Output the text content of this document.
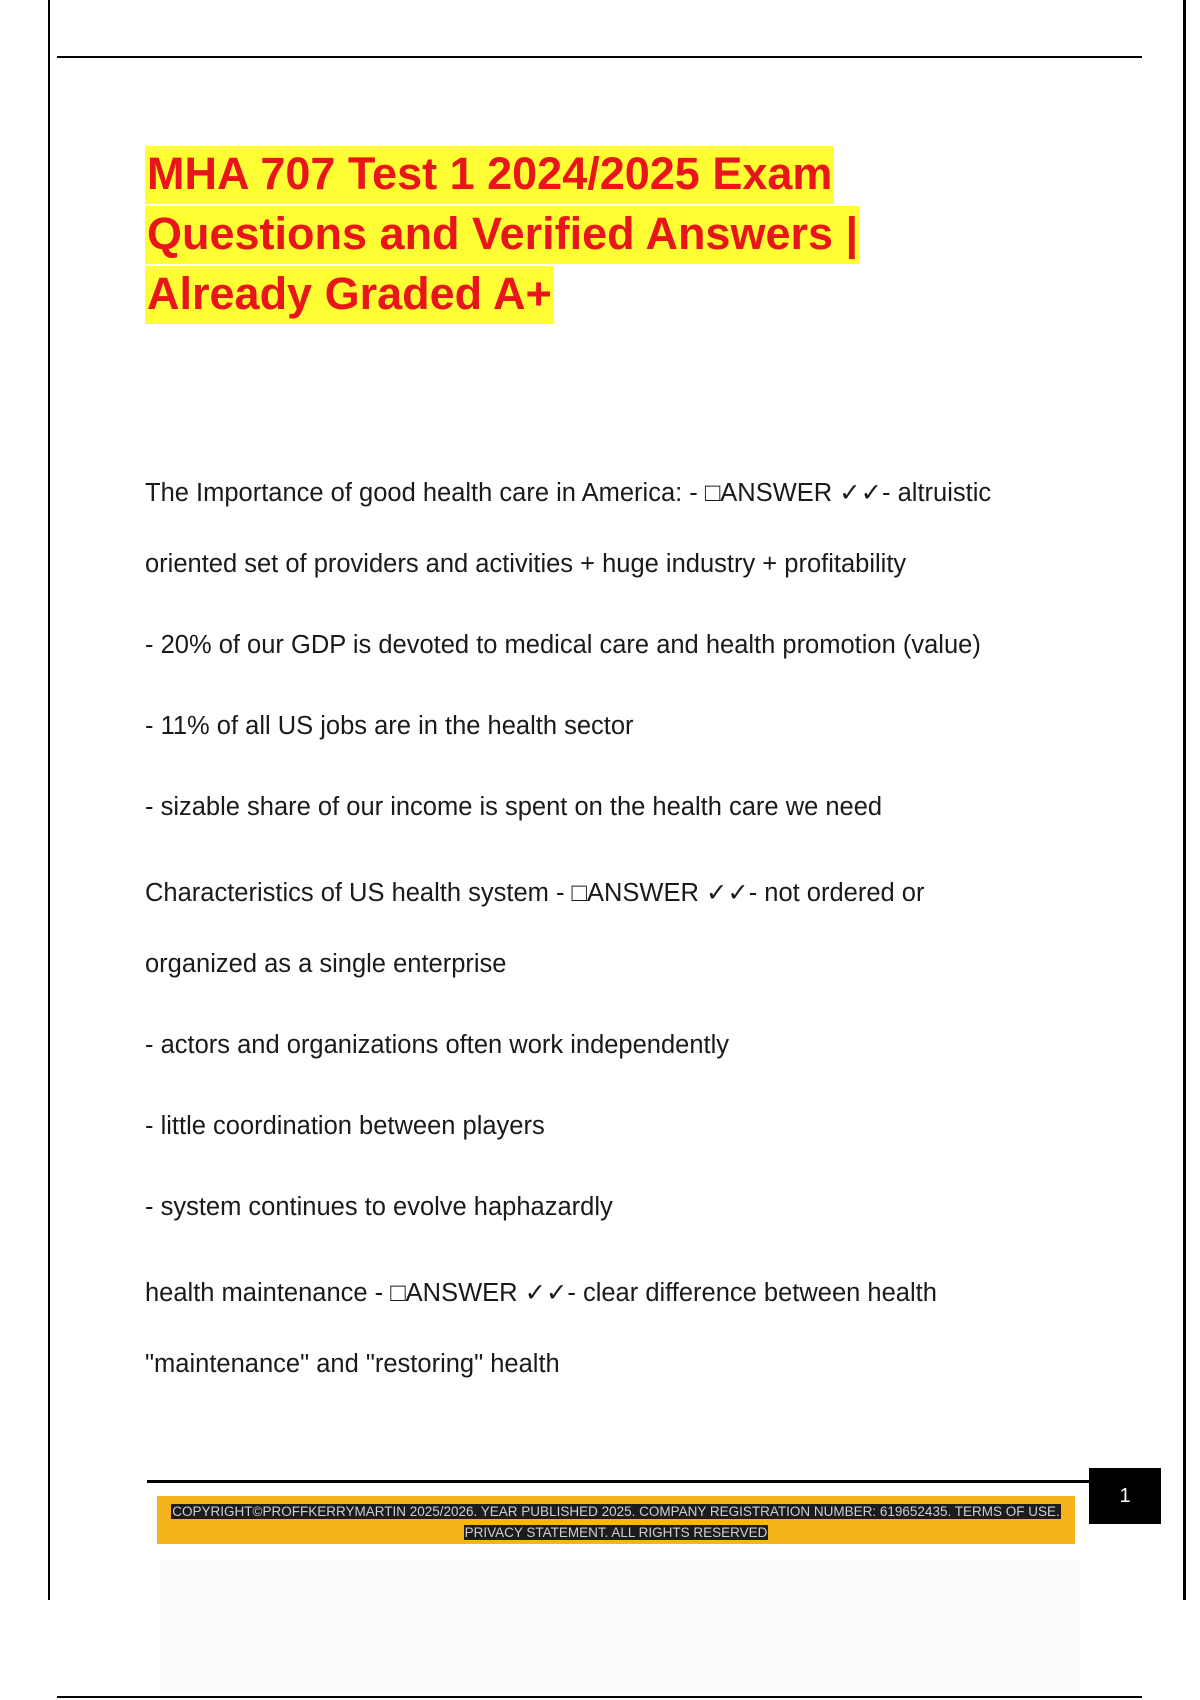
MHA 707 Test 1 2024/2025 Exam
Questions and Verified Answers |
Already Graded A+
The Importance of good health care in America: - □ANSWER ✓✓- altruistic
oriented set of providers and activities + huge industry + profitability
- 20% of our GDP is devoted to medical care and health promotion (value)
- 11% of all US jobs are in the health sector
- sizable share of our income is spent on the health care we need
Characteristics of US health system - □ANSWER ✓✓- not ordered or
organized as a single enterprise
- actors and organizations often work independently
- little coordination between players
- system continues to evolve haphazardly
health maintenance - □ANSWER ✓✓- clear difference between health
"maintenance" and "restoring" health
1
COPYRIGHT©PROFFKERRYMARTIN 2025/2026. YEAR PUBLISHED 2025. COMPANY REGISTRATION NUMBER: 619652435. TERMS OF USE.
PRIVACY STATEMENT. ALL RIGHTS RESERVED
